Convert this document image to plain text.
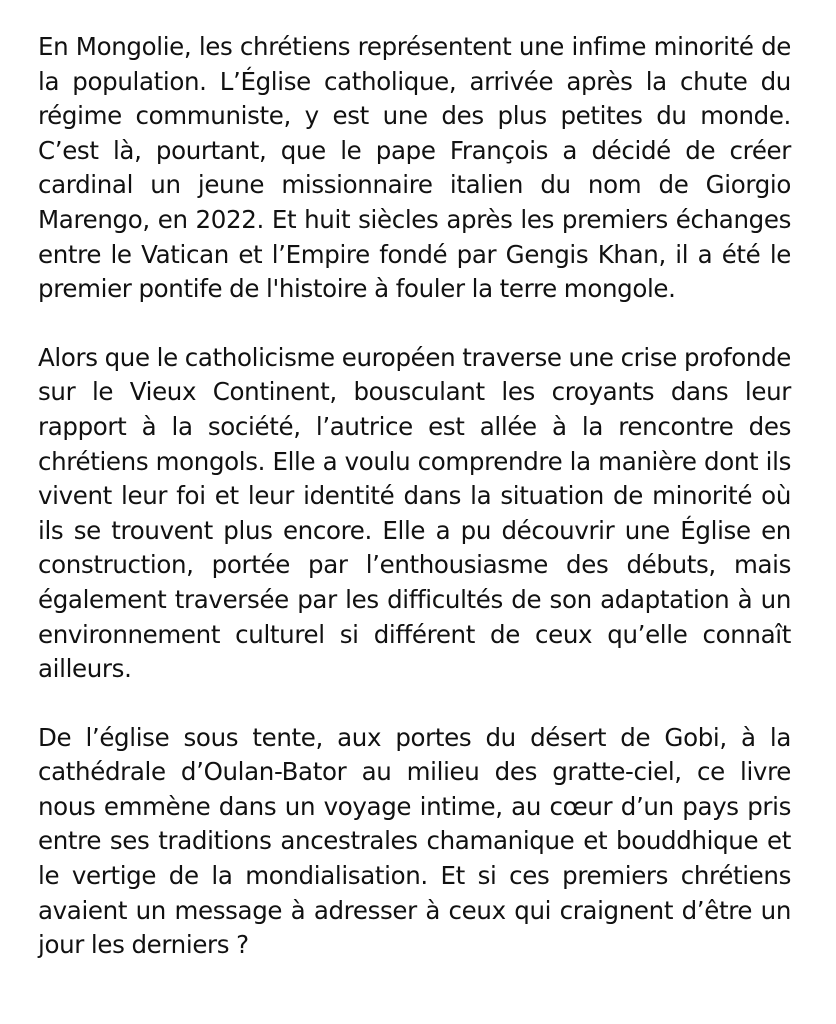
En Mongolie, les chrétiens représentent une infime minorité de la population. L’Église catholique, arrivée après la chute du régime communiste, y est une des plus petites du monde. C’est là, pourtant, que le pape François a décidé de créer cardinal un jeune missionnaire italien du nom de Giorgio Marengo, en 2022. Et huit siècles après les premiers échanges entre le Vatican et l’Empire fondé par Gengis Khan, il a été le premier pontife de l'histoire à fouler la terre mongole.

Alors que le catholicisme européen traverse une crise profonde sur le Vieux Continent, bousculant les croyants dans leur rapport à la société, l’autrice est allée à la rencontre des chrétiens mongols. Elle a voulu comprendre la manière dont ils vivent leur foi et leur identité dans la situation de minorité où ils se trouvent plus encore. Elle a pu découvrir une Église en construction, portée par l’enthousiasme des débuts, mais également traversée par les difficultés de son adaptation à un environnement culturel si différent de ceux qu’elle connaît ailleurs.

De l’église sous tente, aux portes du désert de Gobi, à la cathédrale d’Oulan-Bator au milieu des gratte-ciel, ce livre nous emmène dans un voyage intime, au cœur d’un pays pris entre ses traditions ancestrales chamanique et bouddhique et le vertige de la mondialisation. Et si ces premiers chrétiens avaient un message à adresser à ceux qui craignent d’être un jour les derniers ?
